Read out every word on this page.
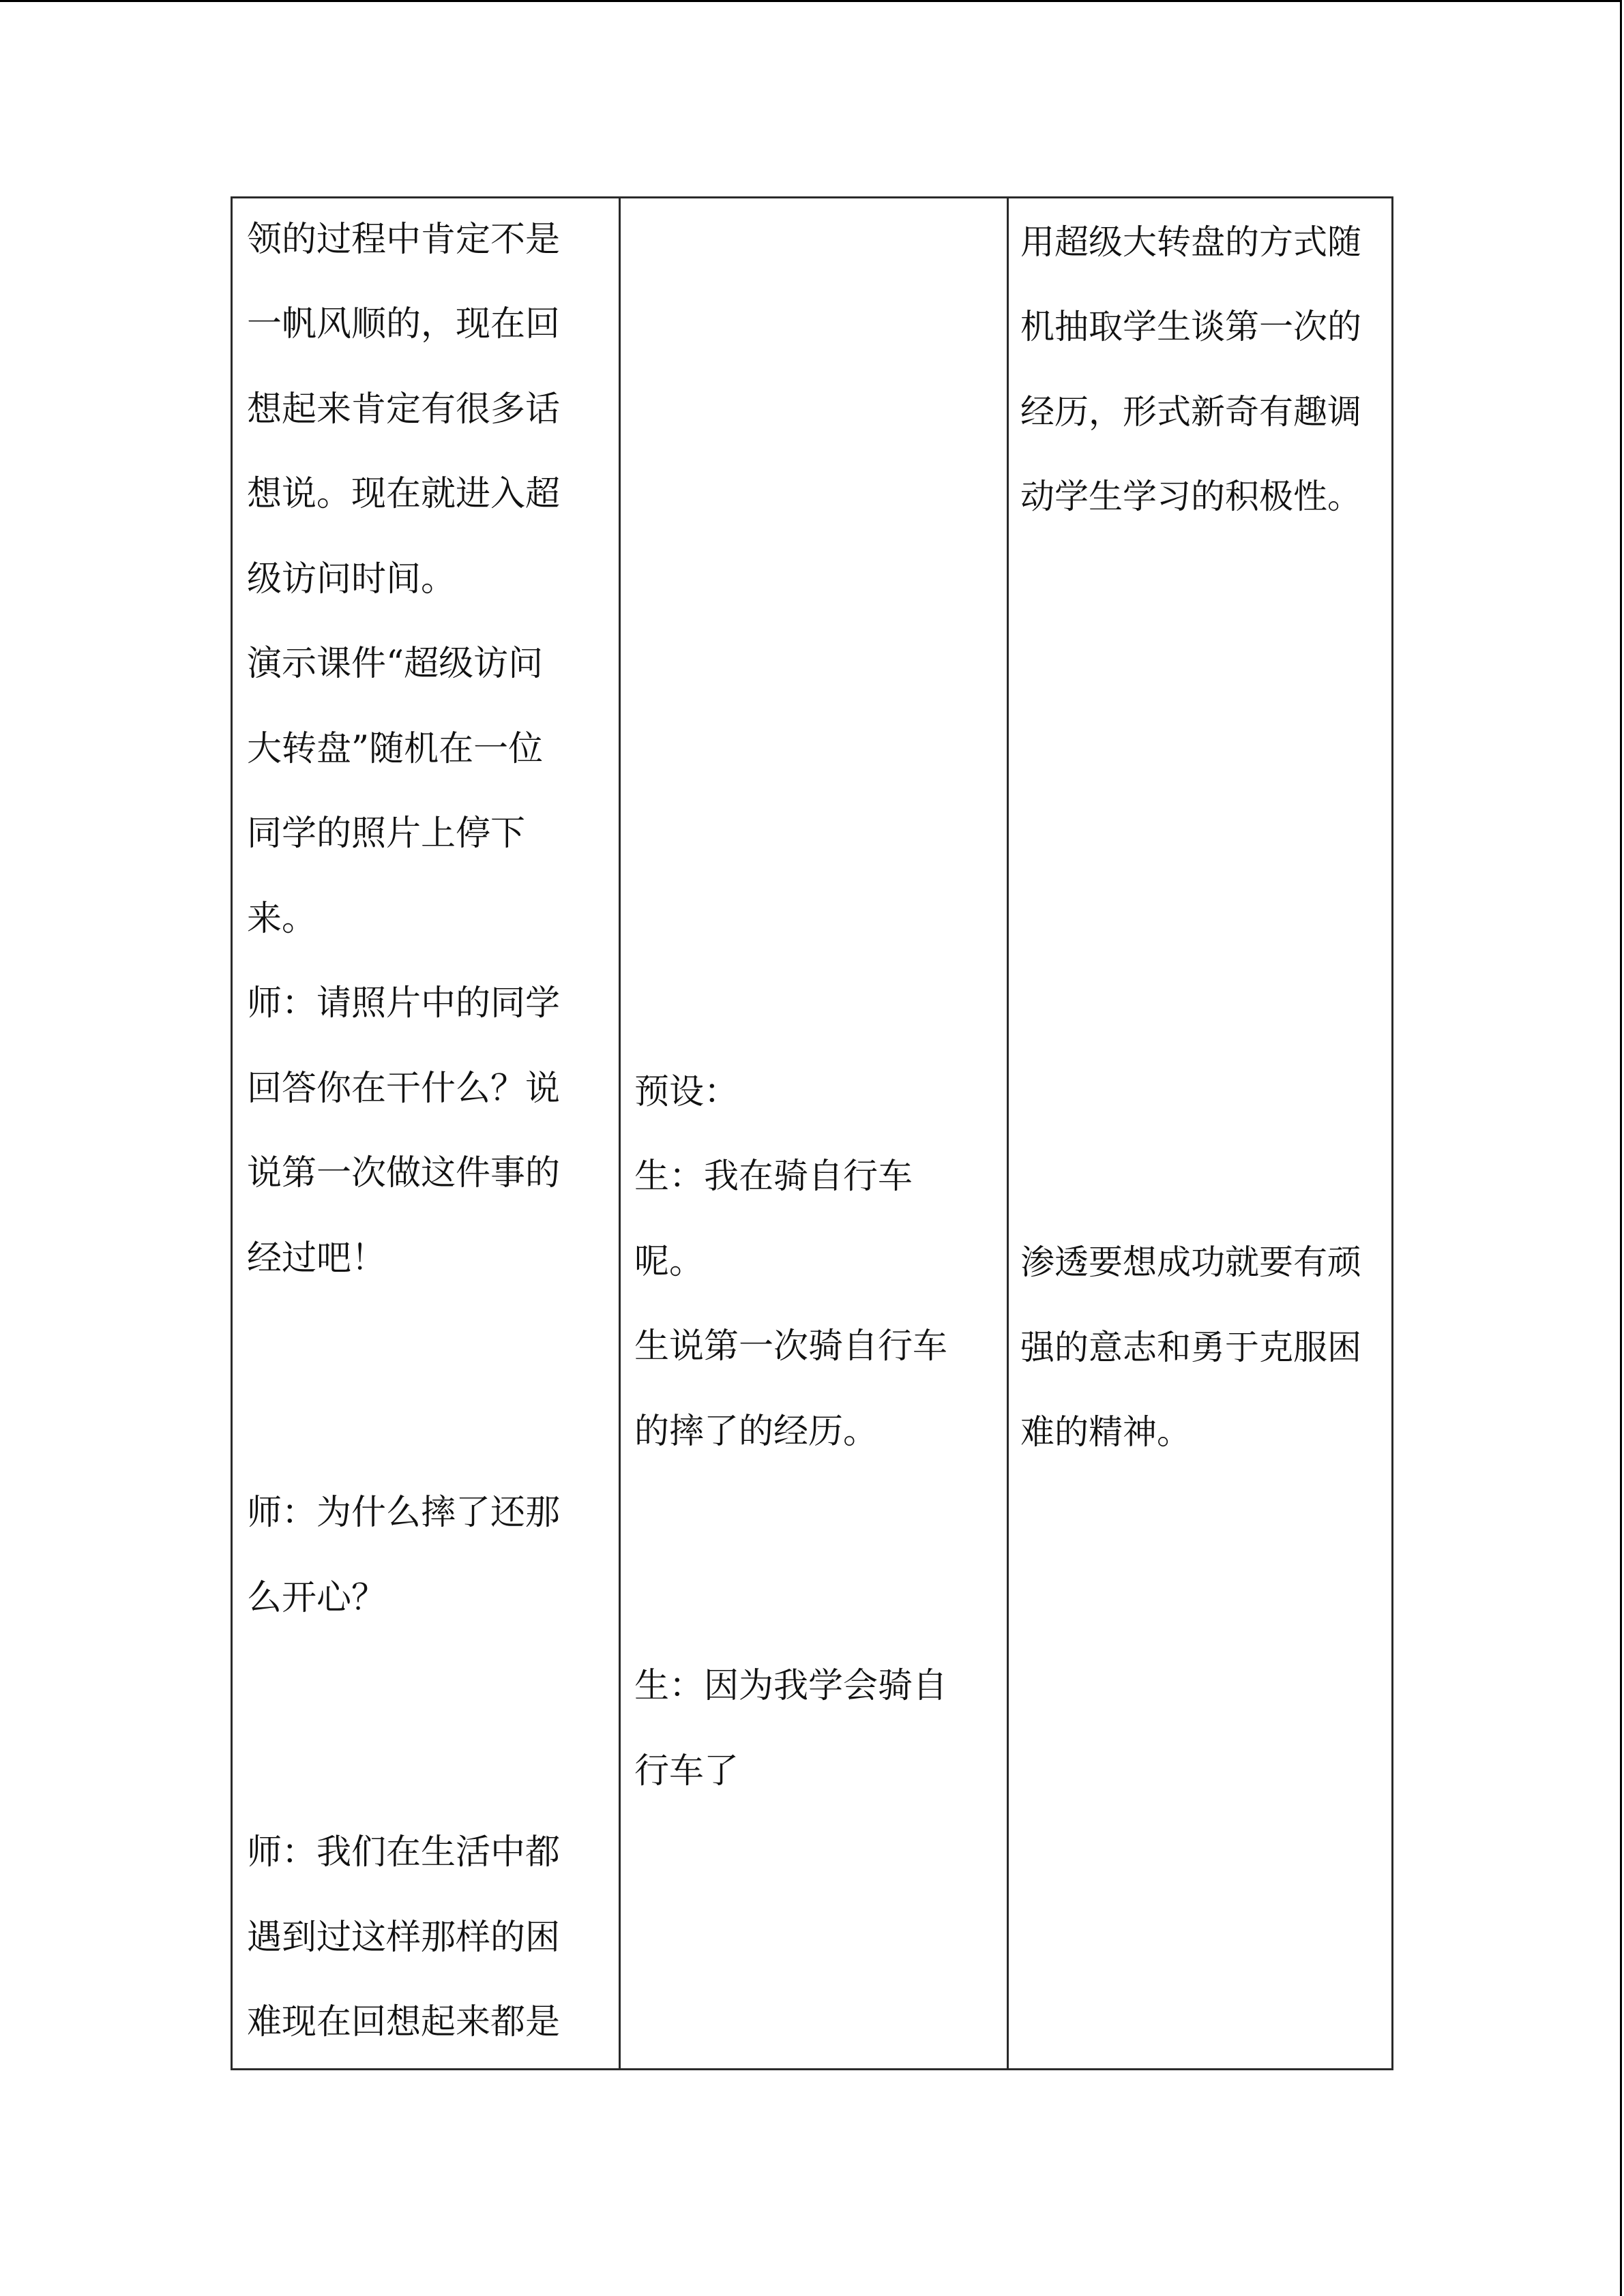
领的过程中肯定不是
一帆风顺的，现在回
想起来肯定有很多话
想说。现在就进入超
级访问时间。
演示课件“超级访问
大转盘”随机在一位
同学的照片上停下
来。
师：请照片中的同学
回答你在干什么？说
说第一次做这件事的
经过吧！
师：为什么摔了还那
么开心？
师：我们在生活中都
遇到过这样那样的困
难现在回想起来都是
预设：
生：我在骑自行车
呢。
生说第一次骑自行车
的摔了的经历。
生：因为我学会骑自
行车了
用超级大转盘的方式随
机抽取学生谈第一次的
经历，形式新奇有趣调
动学生学习的积极性。
渗透要想成功就要有顽
强的意志和勇于克服困
难的精神。
